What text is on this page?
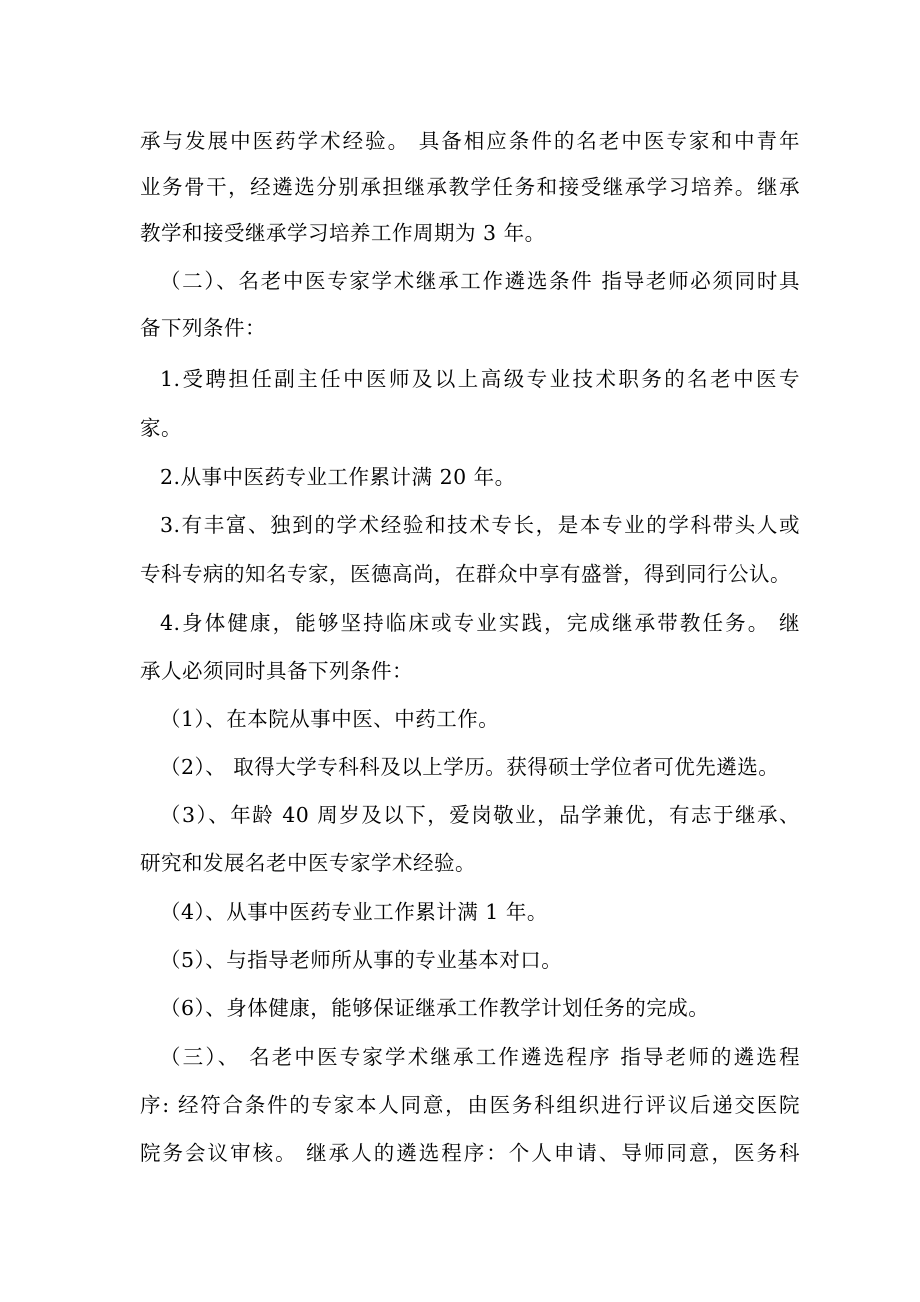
承与发展中医药学术经验。 具备相应条件的名老中医专家和中青年
业务骨干，经遴选分别承担继承教学任务和接受继承学习培养。继承
教学和接受继承学习培养工作周期为 3 年。
（二）、名老中医专家学术继承工作遴选条件 指导老师必须同时具
备下列条件：
1.受聘担任副主任中医师及以上高级专业技术职务的名老中医专
家。
2.从事中医药专业工作累计满 20 年。
3.有丰富、独到的学术经验和技术专长，是本专业的学科带头人或
专科专病的知名专家，医德高尚，在群众中享有盛誉，得到同行公认。
4.身体健康，能够坚持临床或专业实践，完成继承带教任务。 继
承人必须同时具备下列条件：
（1）、在本院从事中医、中药工作。
（2）、 取得大学专科科及以上学历。获得硕士学位者可优先遴选。
（3）、年龄 40 周岁及以下，爱岗敬业，品学兼优，有志于继承、
研究和发展名老中医专家学术经验。
（4）、从事中医药专业工作累计满 1 年。
（5）、与指导老师所从事的专业基本对口。
（6）、身体健康，能够保证继承工作教学计划任务的完成。
（三）、 名老中医专家学术继承工作遴选程序 指导老师的遴选程
序: 经符合条件的专家本人同意，由医务科组织进行评议后递交医院
院务会议审核。 继承人的遴选程序：个人申请、导师同意，医务科
